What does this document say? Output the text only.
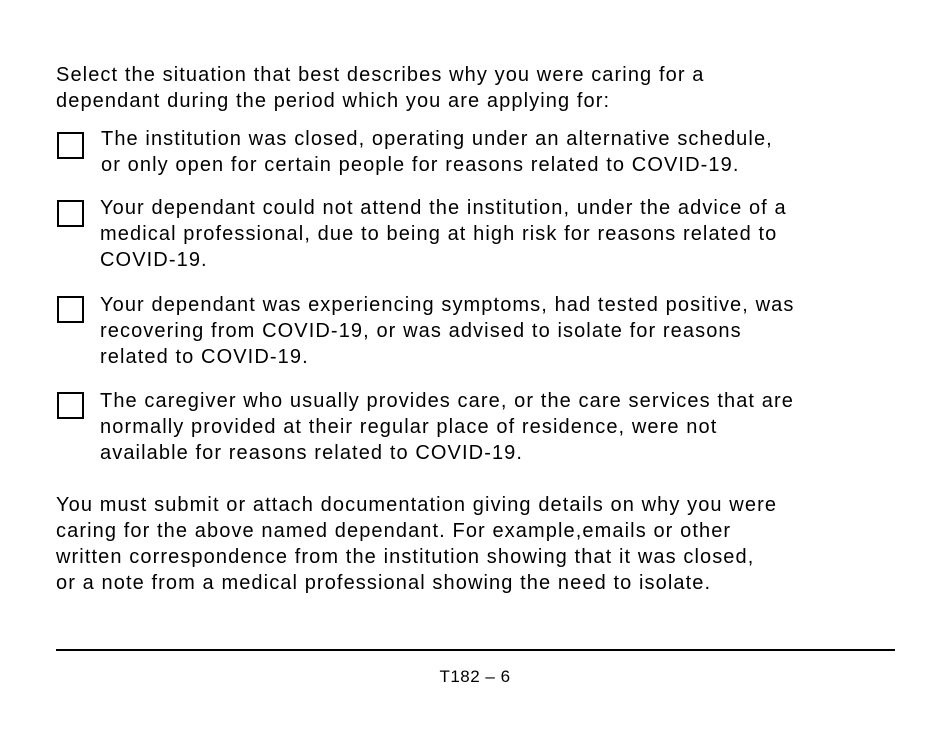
Select the situation that best describes why you were caring for a
dependant during the period which you are applying for:
The institution was closed, operating under an alternative schedule,
or only open for certain people for reasons related to COVID-19.
Your dependant could not attend the institution, under the advice of a
medical professional, due to being at high risk for reasons related to
COVID-19.
Your dependant was experiencing symptoms, had tested positive, was
recovering from COVID-19, or was advised to isolate for reasons
related to COVID-19.
The caregiver who usually provides care, or the care services that are
normally provided at their regular place of residence, were not
available for reasons related to COVID-19.
You must submit or attach documentation giving details on why you were
caring for the above named dependant. For example,emails or other
written correspondence from the institution showing that it was closed,
or a note from a medical professional showing the need to isolate.
T182 – 6
